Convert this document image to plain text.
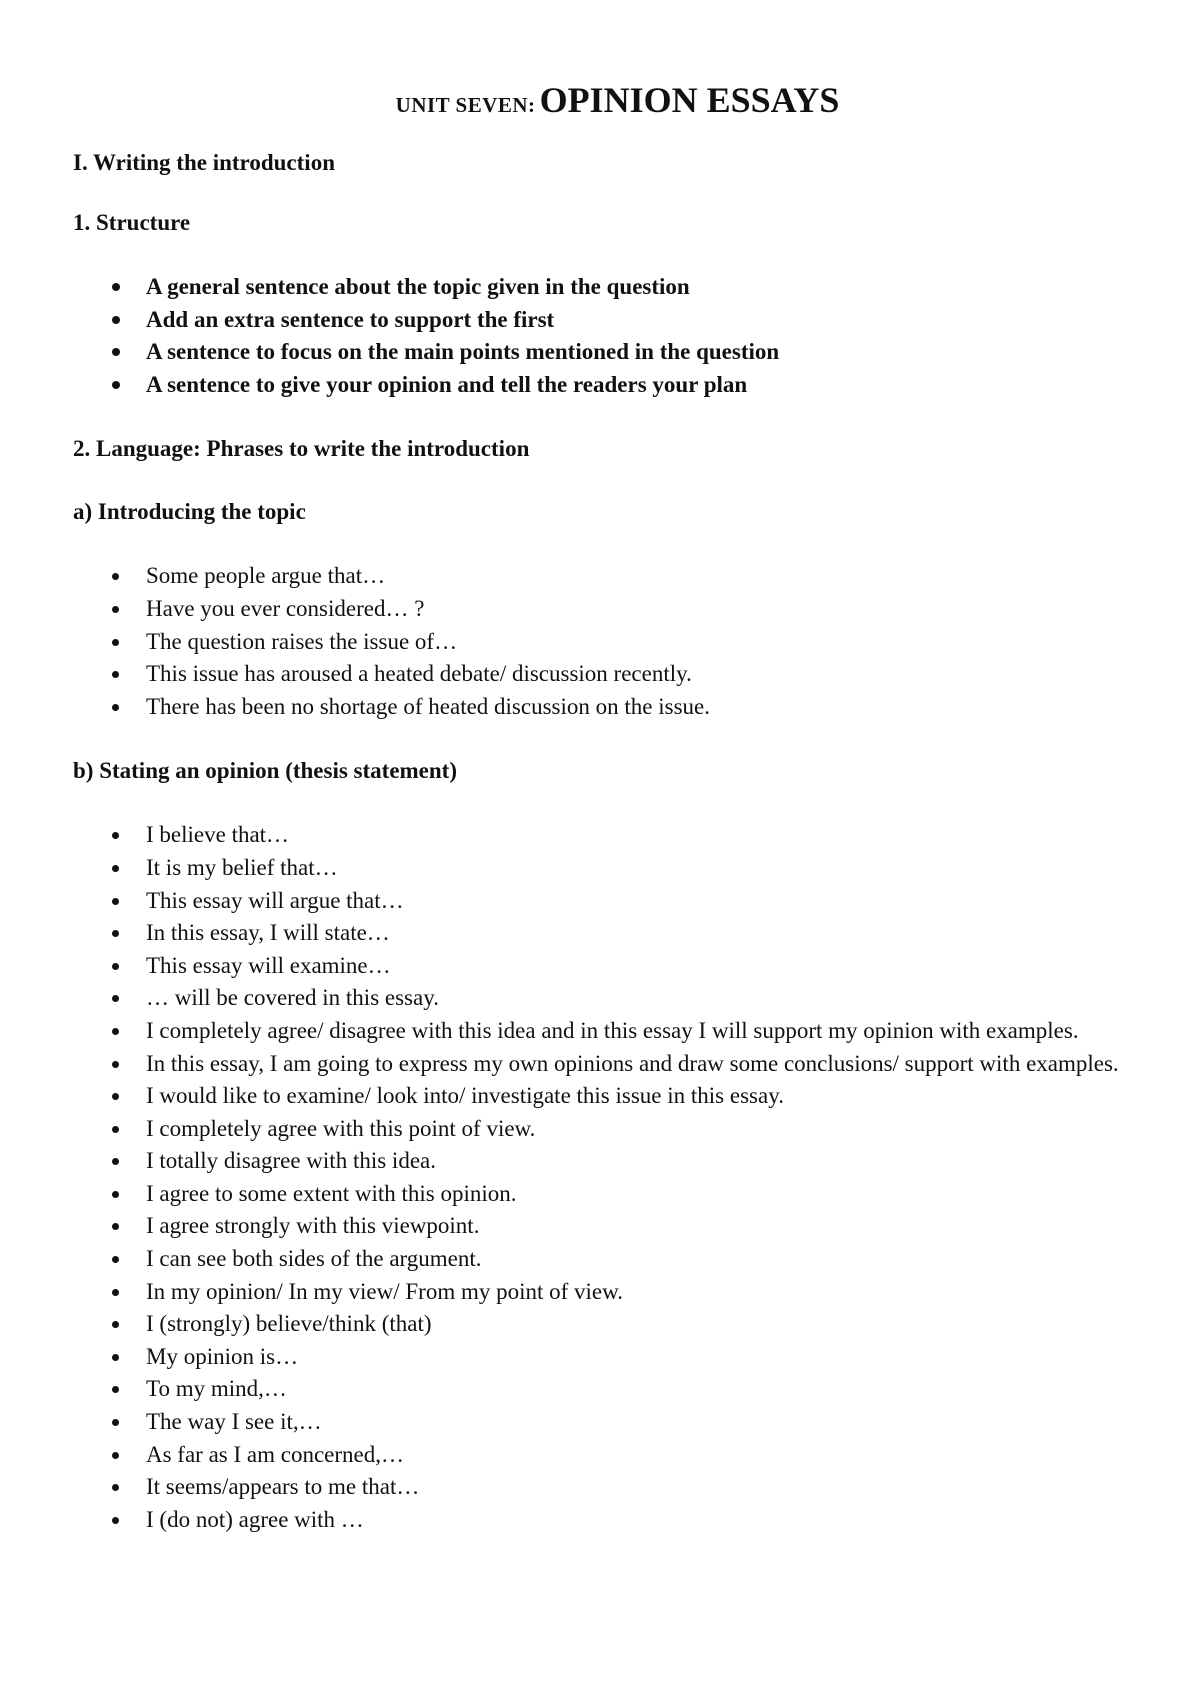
UNIT SEVEN: OPINION ESSAYS
I. Writing the introduction
1. Structure
A general sentence about the topic given in the question
Add an extra sentence to support the first
A sentence to focus on the main points mentioned in the question
A sentence to give your opinion and tell the readers your plan
2. Language: Phrases to write the introduction
a) Introducing the topic
Some people argue that…
Have you ever considered… ?
The question raises the issue of…
This issue has aroused a heated debate/ discussion recently.
There has been no shortage of heated discussion on the issue.
b) Stating an opinion (thesis statement)
I believe that…
It is my belief that…
This essay will argue that…
In this essay, I will state…
This essay will examine…
… will be covered in this essay.
I completely agree/ disagree with this idea and in this essay I will support my opinion with examples.
In this essay, I am going to express my own opinions and draw some conclusions/ support with examples.
I would like to examine/ look into/ investigate this issue in this essay.
I completely agree with this point of view.
I totally disagree with this idea.
I agree to some extent with this opinion.
I agree strongly with this viewpoint.
I can see both sides of the argument.
In my opinion/ In my view/ From my point of view.
I (strongly) believe/think (that)
My opinion is…
To my mind,…
The way I see it,…
As far as I am concerned,…
It seems/appears to me that…
I (do not) agree with …
